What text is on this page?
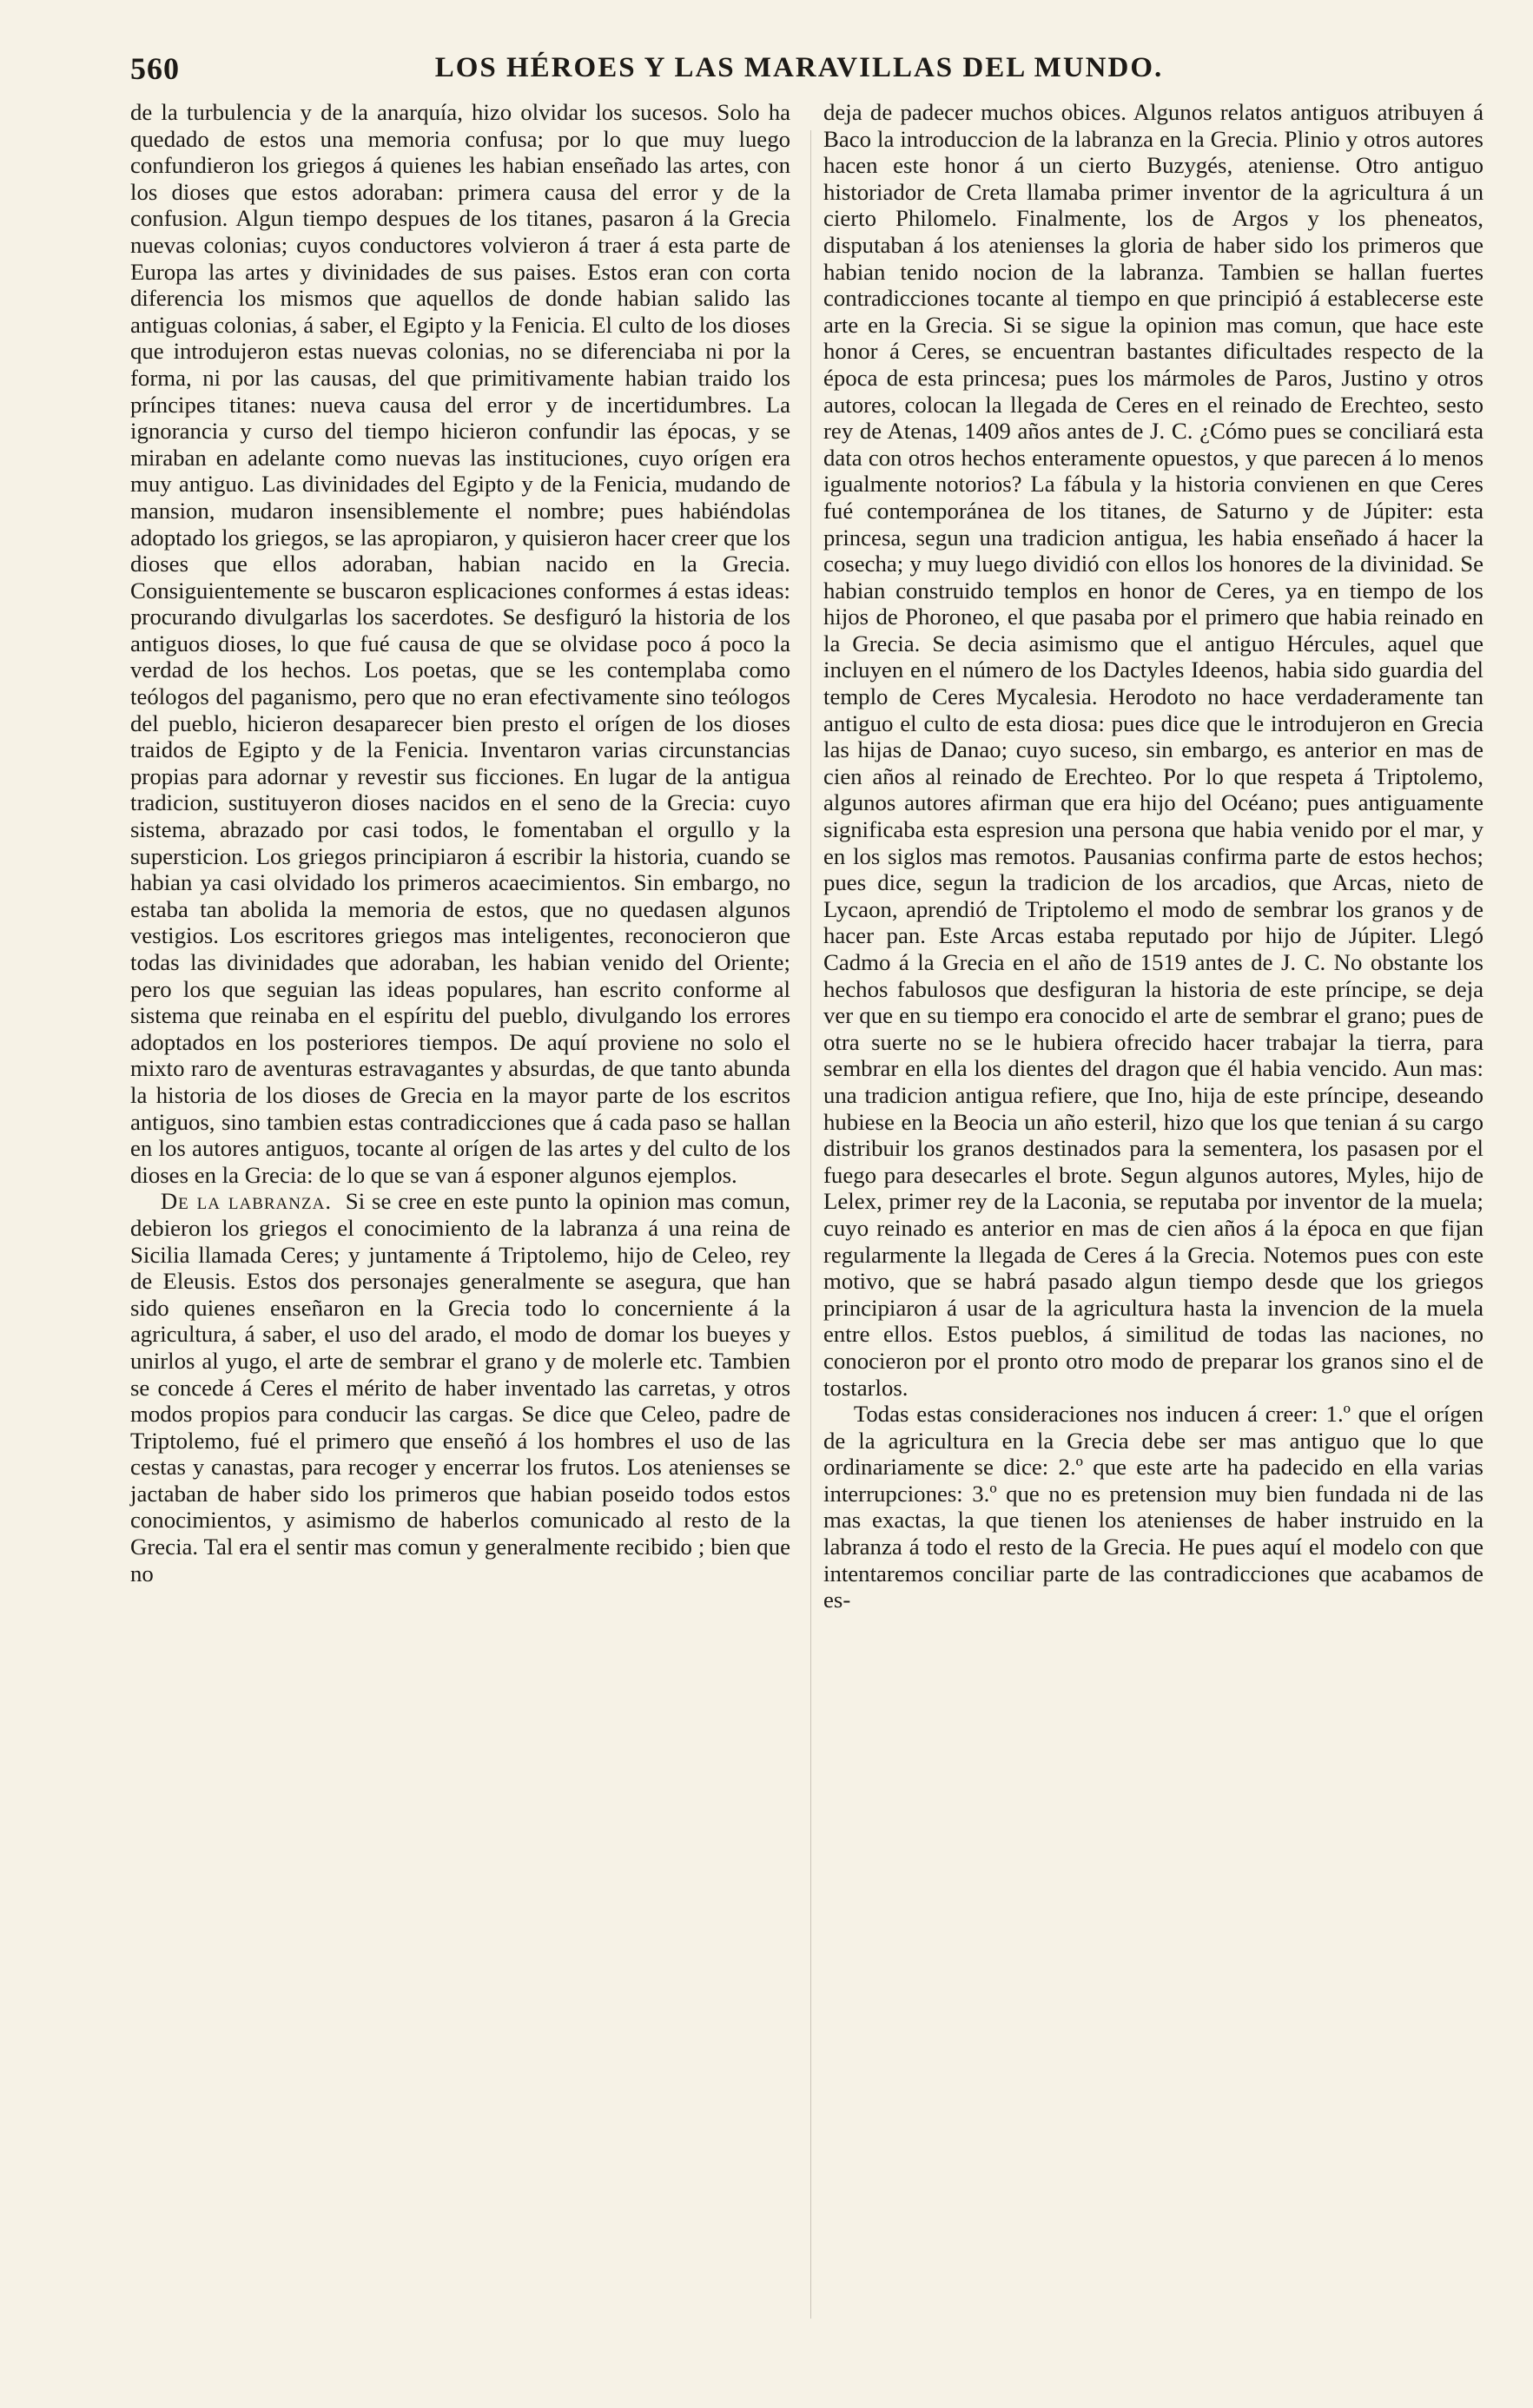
560	LOS HÉROES Y LAS MARAVILLAS DEL MUNDO.

de la turbulencia y de la anarquía, hizo olvidar los sucesos. Solo ha quedado de estos una memoria confusa; por lo que muy luego confundieron los griegos á quienes les habian enseñado las artes, con los dioses que estos adoraban: primera causa del error y de la confusion. Algun tiempo despues de los titanes, pasaron á la Grecia nuevas colonias; cuyos conductores volvieron á traer á esta parte de Europa las artes y divinidades de sus paises. Estos eran con corta diferencia los mismos que aquellos de donde habian salido las antiguas colonias, á saber, el Egipto y la Fenicia. El culto de los dioses que introdujeron estas nuevas colonias, no se diferenciaba ni por la forma, ni por las causas, del que primitivamente habian traido los príncipes titanes: nueva causa del error y de incertidumbres. La ignorancia y curso del tiempo hicieron confundir las épocas, y se miraban en adelante como nuevas las instituciones, cuyo orígen era muy antiguo. Las divinidades del Egipto y de la Fenicia, mudando de mansion, mudaron insensiblemente el nombre; pues habiéndolas adoptado los griegos, se las apropiaron, y quisieron hacer creer que los dioses que ellos adoraban, habian nacido en la Grecia. Consiguientemente se buscaron esplicaciones conformes á estas ideas: procurando divulgarlas los sacerdotes. Se desfiguró la historia de los antiguos dioses, lo que fué causa de que se olvidase poco á poco la verdad de los hechos. Los poetas, que se les contemplaba como teólogos del paganismo, pero que no eran efectivamente sino teólogos del pueblo, hicieron desaparecer bien presto el orígen de los dioses traidos de Egipto y de la Fenicia. Inventaron varias circunstancias propias para adornar y revestir sus ficciones. En lugar de la antigua tradicion, sustituyeron dioses nacidos en el seno de la Grecia: cuyo sistema, abrazado por casi todos, le fomentaban el orgullo y la supersticion. Los griegos principiaron á escribir la historia, cuando se habian ya casi olvidado los primeros acaecimientos. Sin embargo, no estaba tan abolida la memoria de estos, que no quedasen algunos vestigios. Los escritores griegos mas inteligentes, reconocieron que todas las divinidades que adoraban, les habian venido del Oriente; pero los que seguian las ideas populares, han escrito conforme al sistema que reinaba en el espíritu del pueblo, divulgando los errores adoptados en los posteriores tiempos. De aquí proviene no solo el mixto raro de aventuras estravagantes y absurdas, de que tanto abunda la historia de los dioses de Grecia en la mayor parte de los escritos antiguos, sino tambien estas contradicciones que á cada paso se hallan en los autores antiguos, tocante al orígen de las artes y del culto de los dioses en la Grecia: de lo que se van á esponer algunos ejemplos.

De la labranza. Si se cree en este punto la opinion mas comun, debieron los griegos el conocimiento de la labranza á una reina de Sicilia llamada Ceres; y juntamente á Triptolemo, hijo de Celeo, rey de Eleusis. Estos dos personajes generalmente se asegura, que han sido quienes enseñaron en la Grecia todo lo concerniente á la agricultura, á saber, el uso del arado, el modo de domar los bueyes y unirlos al yugo, el arte de sembrar el grano y de molerle etc. Tambien se concede á Ceres el mérito de haber inventado las carretas, y otros modos propios para conducir las cargas. Se dice que Celeo, padre de Triptolemo, fué el primero que enseñó á los hombres el uso de las cestas y canastas, para recoger y encerrar los frutos. Los atenienses se jactaban de haber sido los primeros que habian poseido todos estos conocimientos, y asimismo de haberlos comunicado al resto de la Grecia. Tal era el sentir mas comun y generalmente recibido ; bien que no

deja de padecer muchos obices. Algunos relatos antiguos atribuyen á Baco la introduccion de la labranza en la Grecia. Plinio y otros autores hacen este honor á un cierto Buzygés, ateniense. Otro antiguo historiador de Creta llamaba primer inventor de la agricultura á un cierto Philomelo. Finalmente, los de Argos y los pheneatos, disputaban á los atenienses la gloria de haber sido los primeros que habian tenido nocion de la labranza. Tambien se hallan fuertes contradicciones tocante al tiempo en que principió á establecerse este arte en la Grecia. Si se sigue la opinion mas comun, que hace este honor á Ceres, se encuentran bastantes dificultades respecto de la época de esta princesa; pues los mármoles de Paros, Justino y otros autores, colocan la llegada de Ceres en el reinado de Erechteo, sesto rey de Atenas, 1409 años antes de J. C. ¿Cómo pues se conciliará esta data con otros hechos enteramente opuestos, y que parecen á lo menos igualmente notorios? La fábula y la historia convienen en que Ceres fué contemporánea de los titanes, de Saturno y de Júpiter: esta princesa, segun una tradicion antigua, les habia enseñado á hacer la cosecha; y muy luego dividió con ellos los honores de la divinidad. Se habian construido templos en honor de Ceres, ya en tiempo de los hijos de Phoroneo, el que pasaba por el primero que habia reinado en la Grecia. Se decia asimismo que el antiguo Hércules, aquel que incluyen en el número de los Dactyles Ideenos, habia sido guardia del templo de Ceres Mycalesia. Herodoto no hace verdaderamente tan antiguo el culto de esta diosa: pues dice que le introdujeron en Grecia las hijas de Danao; cuyo suceso, sin embargo, es anterior en mas de cien años al reinado de Erechteo. Por lo que respeta á Triptolemo, algunos autores afirman que era hijo del Océano; pues antiguamente significaba esta espresion una persona que habia venido por el mar, y en los siglos mas remotos. Pausanias confirma parte de estos hechos; pues dice, segun la tradicion de los arcadios, que Arcas, nieto de Lycaon, aprendió de Triptolemo el modo de sembrar los granos y de hacer pan. Este Arcas estaba reputado por hijo de Júpiter. Llegó Cadmo á la Grecia en el año de 1519 antes de J. C. No obstante los hechos fabulosos que desfiguran la historia de este príncipe, se deja ver que en su tiempo era conocido el arte de sembrar el grano; pues de otra suerte no se le hubiera ofrecido hacer trabajar la tierra, para sembrar en ella los dientes del dragon que él habia vencido. Aun mas: una tradicion antigua refiere, que Ino, hija de este príncipe, deseando hubiese en la Beocia un año esteril, hizo que los que tenian á su cargo distribuir los granos destinados para la sementera, los pasasen por el fuego para desecarles el brote. Segun algunos autores, Myles, hijo de Lelex, primer rey de la Laconia, se reputaba por inventor de la muela; cuyo reinado es anterior en mas de cien años á la época en que fijan regularmente la llegada de Ceres á la Grecia. Notemos pues con este motivo, que se habrá pasado algun tiempo desde que los griegos principiaron á usar de la agricultura hasta la invencion de la muela entre ellos. Estos pueblos, á similitud de todas las naciones, no conocieron por el pronto otro modo de preparar los granos sino el de tostarlos.

Todas estas consideraciones nos inducen á creer: 1.º que el orígen de la agricultura en la Grecia debe ser mas antiguo que lo que ordinariamente se dice: 2.º que este arte ha padecido en ella varias interrupciones: 3.º que no es pretension muy bien fundada ni de las mas exactas, la que tienen los atenienses de haber instruido en la labranza á todo el resto de la Grecia. He pues aquí el modelo con que intentaremos conciliar parte de las contradicciones que acabamos de es-
